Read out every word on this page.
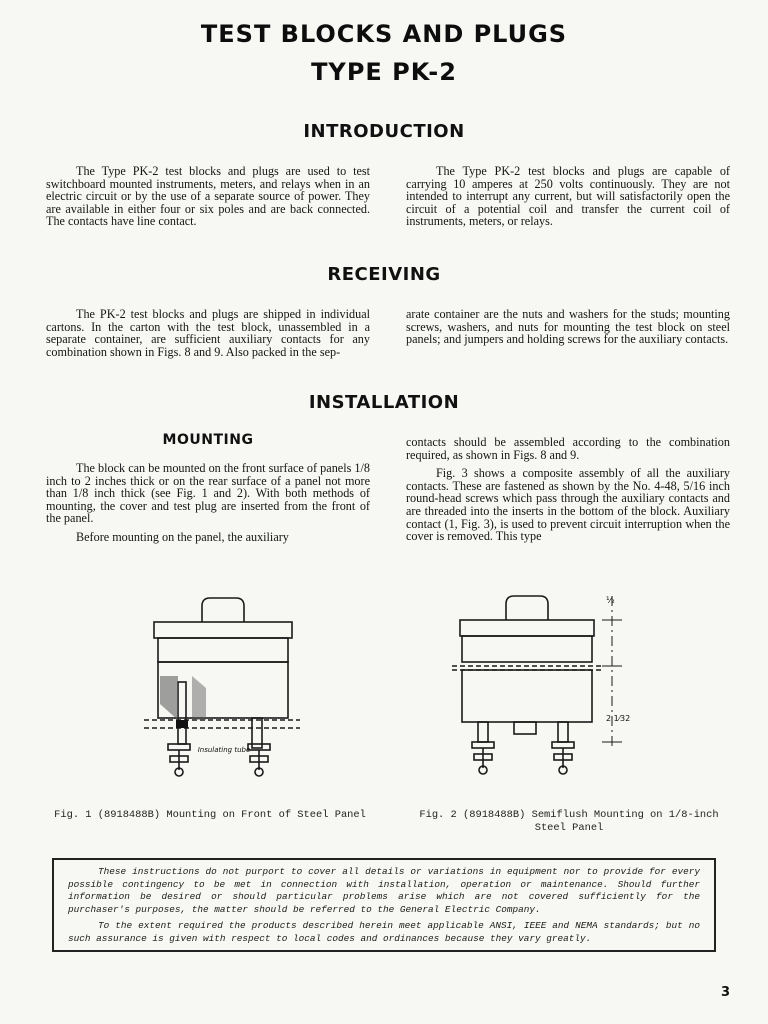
TEST BLOCKS AND PLUGS
TYPE PK-2
INTRODUCTION

The Type PK-2 test blocks and plugs are used to test switchboard mounted instruments, meters, and relays when in an electric circuit or by the use of a separate source of power. They are available in either four or six poles and are back connected. The contacts have line contact.

The Type PK-2 test blocks and plugs are capable of carrying 10 amperes at 250 volts continuously. They are not intended to interrupt any current, but will satisfactorily open the circuit of a potential coil and transfer the current coil of instruments, meters, or relays.

RECEIVING

The PK-2 test blocks and plugs are shipped in individual cartons. In the carton with the test block, unassembled in a separate container, are sufficient auxiliary contacts for any combination shown in Figs. 8 and 9. Also packed in the sep-

arate container are the nuts and washers for the studs; mounting screws, washers, and nuts for mounting the test block on steel panels; and jumpers and holding screws for the auxiliary contacts.

INSTALLATION
MOUNTING

The block can be mounted on the front surface of panels 1/8 inch to 2 inches thick or on the rear surface of a panel not more than 1/8 inch thick (see Fig. 1 and 2). With both methods of mounting, the cover and test plug are inserted from the front of the panel.

Before mounting on the panel, the auxiliary

contacts should be assembled according to the combination required, as shown in Figs. 8 and 9.

Fig. 3 shows a composite assembly of all the auxiliary contacts. These are fastened as shown by the No. 4-48, 5/16 inch round-head screws which pass through the auxiliary contacts and are threaded into the inserts in the bottom of the block. Auxiliary contact (1, Fig. 3), is used to prevent circuit interruption when the cover is removed. This type

Insulating tube
½
2 1⁄32
Fig. 1 (8918488B) Mounting on Front of Steel Panel	Fig. 2 (8918488B) Semiflush Mounting on 1/8-inch
Steel Panel

These instructions do not purport to cover all details or variations in equipment nor to provide for every possible contingency to be met in connection with installation, operation or maintenance. Should further information be desired or should particular problems arise which are not covered sufficiently for the purchaser's purposes, the matter should be referred to the General Electric Company.

To the extent required the products described herein meet applicable ANSI, IEEE and NEMA standards; but no such assurance is given with respect to local codes and ordinances because they vary greatly.

3
